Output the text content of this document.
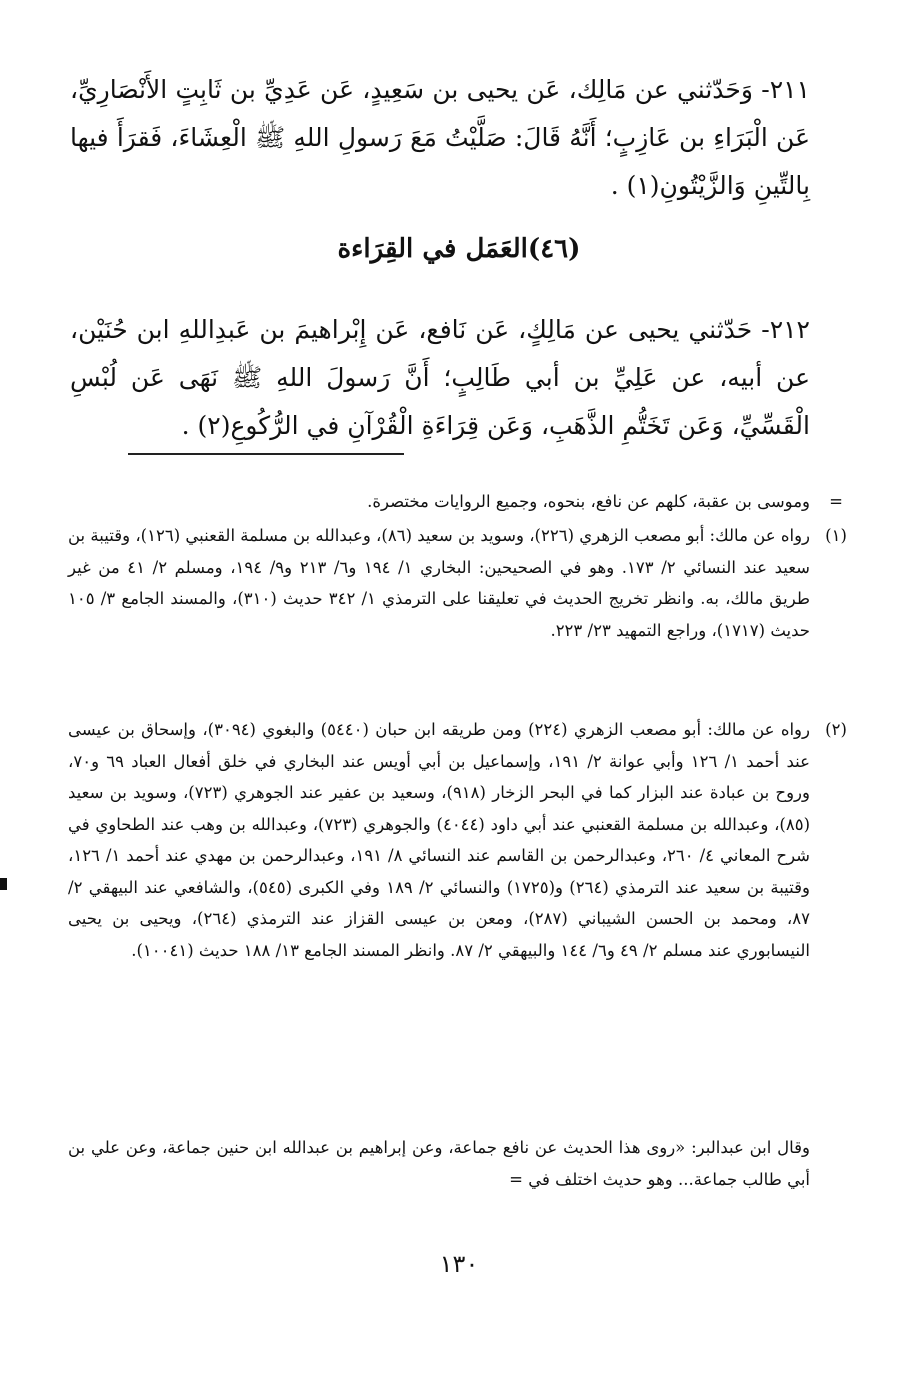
٢١١- وَحَدّثني عن مَالِك، عَن يحيى بن سَعِيدٍ، عَن عَدِيِّ بن ثَابِتٍ الأَنْصَارِيِّ، عَن الْبَرَاءِ بن عَازِبٍ؛ أَنَّهُ قَالَ: صَلَّيْتُ مَعَ رَسولِ اللهِ ﷺ الْعِشَاءَ، فَقرَأَ فيها بِالتِّينِ وَالزَّيْتُونِ(١) .

(٤٦)العَمَل في القِرَاءة

٢١٢- حَدّثني يحيى عن مَالِكٍ، عَن نَافع، عَن إِبْراهيمَ بن عَبدِاللهِ ابن حُنَيْن، عن أبيه، عن عَلِيِّ بن أبي طَالِبٍ؛ أَنَّ رَسولَ اللهِ ﷺ نَهَى عَن لُبْسِ الْقَسِّيِّ، وَعَن تَخَتُّمِ الذَّهَبِ، وَعَن قِرَاءَةِ الْقُرْآنِ في الرُّكُوعِ(٢) .

=
وموسى بن عقبة، كلهم عن نافع، بنحوه، وجميع الروايات مختصرة.
(١)
رواه عن مالك: أبو مصعب الزهري (٢٢٦)، وسويد بن سعيد (٨٦)، وعبدالله بن مسلمة القعنبي (١٢٦)، وقتيبة بن سعيد عند النسائي ٢/ ١٧٣. وهو في الصحيحين: البخاري ١/ ١٩٤ و٦/ ٢١٣ و٩/ ١٩٤، ومسلم ٢/ ٤١ من غير طريق مالك، به. وانظر تخريج الحديث في تعليقنا على الترمذي ١/ ٣٤٢ حديث (٣١٠)، والمسند الجامع ٣/ ١٠٥ حديث (١٧١٧)، وراجع التمهيد ٢٣/ ٢٢٣.
(٢)
رواه عن مالك: أبو مصعب الزهري (٢٢٤) ومن طريقه ابن حبان (٥٤٤٠) والبغوي (٣٠٩٤)، وإسحاق بن عيسى عند أحمد ١/ ١٢٦ وأبي عوانة ٢/ ١٩١، وإسماعيل بن أبي أويس عند البخاري في خلق أفعال العباد ٦٩ و٧٠، وروح بن عبادة عند البزار كما في البحر الزخار (٩١٨)، وسعيد بن عفير عند الجوهري (٧٢٣)، وسويد بن سعيد (٨٥)، وعبدالله بن مسلمة القعنبي عند أبي داود (٤٠٤٤) والجوهري (٧٢٣)، وعبدالله بن وهب عند الطحاوي في شرح المعاني ٤/ ٢٦٠، وعبدالرحمن بن القاسم عند النسائي ٨/ ١٩١، وعبدالرحمن بن مهدي عند أحمد ١/ ١٢٦، وقتيبة بن سعيد عند الترمذي (٢٦٤) و(١٧٢٥) والنسائي ٢/ ١٨٩ وفي الكبرى (٥٤٥)، والشافعي عند البيهقي ٢/ ٨٧، ومحمد بن الحسن الشيباني (٢٨٧)، ومعن بن عيسى القزاز عند الترمذي (٢٦٤)، ويحيى بن يحيى النيسابوري عند مسلم ٢/ ٤٩ و٦/ ١٤٤ والبيهقي ٢/ ٨٧. وانظر المسند الجامع ١٣/ ١٨٨ حديث (١٠٠٤١).
وقال ابن عبدالبر: «روى هذا الحديث عن نافع جماعة، وعن إبراهيم بن عبدالله ابن حنين جماعة، وعن علي بن أبي طالب جماعة... وهو حديث اختلف في =
١٣٠
